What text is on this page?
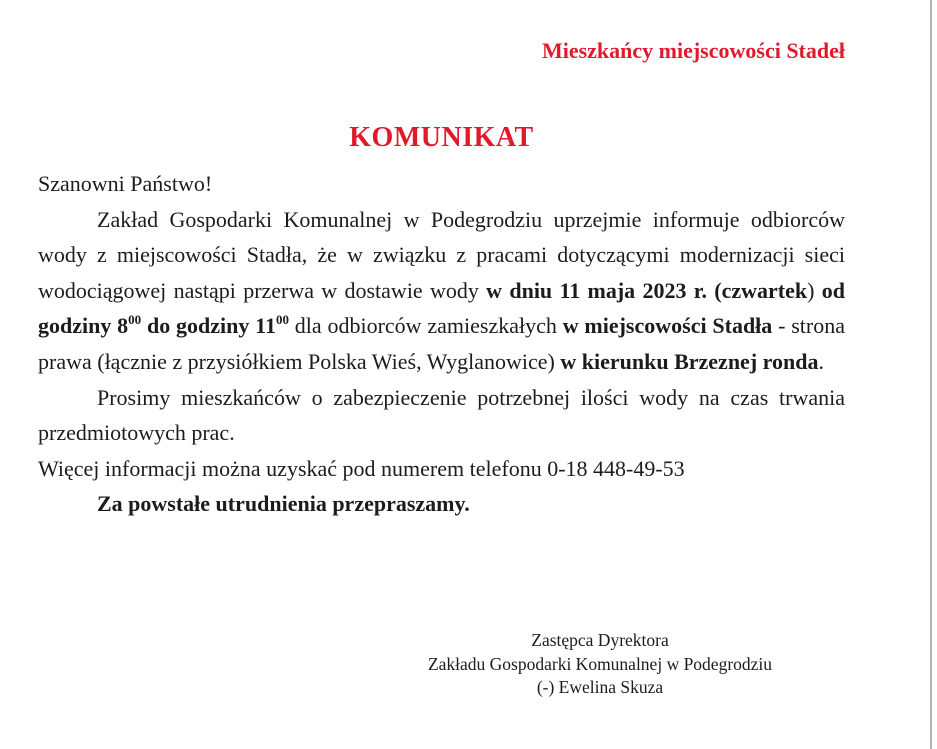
Mieszkańcy miejscowości Stadeł
KOMUNIKAT

Szanowni Państwo!

Zakład Gospodarki Komunalnej w Podegrodziu uprzejmie informuje odbiorców wody z miejscowości Stadła, że w związku z pracami dotyczącymi modernizacji sieci wodociągowej nastąpi przerwa w dostawie wody w dniu 11 maja 2023 r. (czwartek) od godziny $8^{00}$ do godziny $11^{00}$ dla odbiorców zamieszkałych w miejscowości Stadła - strona prawa (łącznie z przysiółkiem Polska Wieś, Wyglanowice) w kierunku Brzeznej ronda.

Prosimy mieszkańców o zabezpieczenie potrzebnej ilości wody na czas trwania przedmiotowych prac.

Więcej informacji można uzyskać pod numerem telefonu 0-18 448-49-53

Za powstałe utrudnienia przepraszamy.

Zastępca Dyrektora
Zakładu Gospodarki Komunalnej w Podegrodziu
(-) Ewelina Skuza
